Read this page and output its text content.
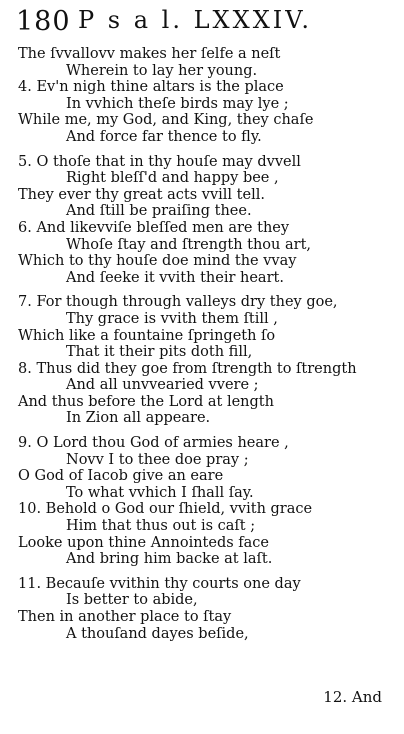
180 P s a l. LXXXIV.
The ſvvallovv makes her ſelfe a neſt
Wherein to lay her young.
4. Ev'n nigh thine altars is the place
In vvhich theſe birds may lye ;
While me, my God, and King, they chaſe
And force far thence to fly.
5. O thoſe that in thy houſe may dvvell
Right bleſſ'd and happy bee ,
They ever thy great acts vvill tell.
And ſtill be praiſing thee.
6. And likevviſe bleſſed men are they
Whoſe ſtay and ſtrength thou art,
Which to thy houſe doe mind the vvay
And ſeeke it vvith their heart.
7. For though through valleys dry they goe,
Thy grace is vvith them ſtill ,
Which like a fountaine ſpringeth ſo
That it their pits doth fill,
8. Thus did they goe from ſtrength to ſtrength
And all unvvearied vvere ;
And thus before the Lord at length
In Zion all appeare.
9. O Lord thou God of armies heare ,
Novv I to thee doe pray ;
O God of Iacob give an eare
To what vvhich I ſhall ſay.
10. Behold o God our ſhield, vvith grace
Him that thus out is caſt ;
Looke upon thine Annointeds face
And bring him backe at laſt.
11. Becauſe vvithin thy courts one day
Is better to abide,
Then in another place to ſtay
A thouſand dayes beſide,
12. And
